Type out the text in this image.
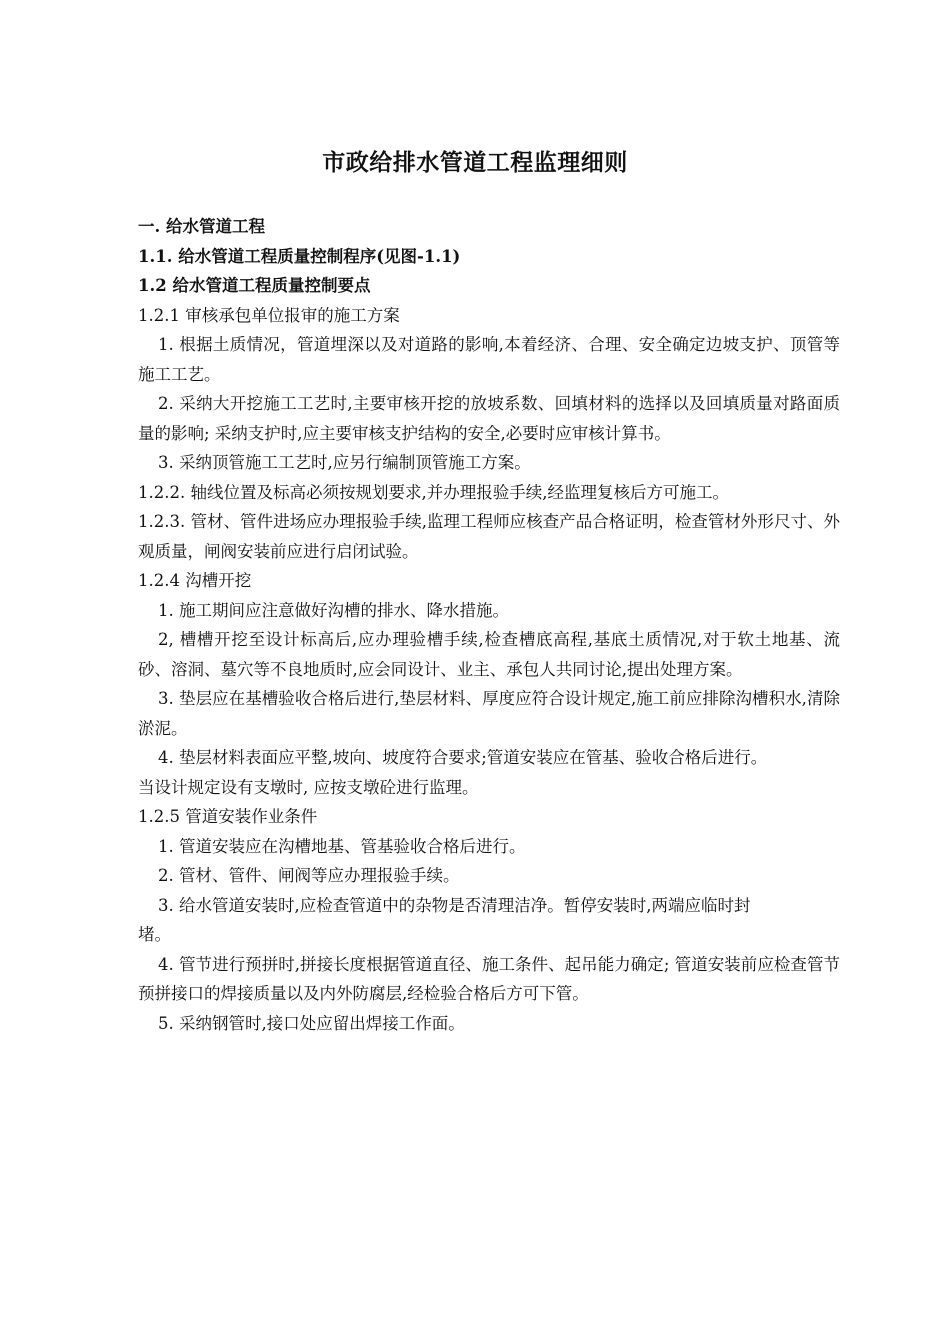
市政给排水管道工程监理细则
一. 给水管道工程
1.1. 给水管道工程质量控制程序(见图-1.1)
1.2 给水管道工程质量控制要点
1.2.1 审核承包单位报审的施工方案
1. 根据土质情况，管道埋深以及对道路的影响,本着经济、合理、安全确定边坡支护、顶管等施工工艺。
2. 采纳大开挖施工工艺时,主要审核开挖的放坡系数、回填材料的选择以及回填质量对路面质量的影响; 采纳支护时,应主要审核支护结构的安全,必要时应审核计算书。
3. 采纳顶管施工工艺时,应另行编制顶管施工方案。
1.2.2. 轴线位置及标高必须按规划要求,并办理报验手续,经监理复核后方可施工。
1.2.3. 管材、管件进场应办理报验手续,监理工程师应核查产品合格证明，检查管材外形尺寸、外观质量，闸阀安装前应进行启闭试验。
1.2.4 沟槽开挖
1. 施工期间应注意做好沟槽的排水、降水措施。
2, 槽槽开挖至设计标高后,应办理验槽手续,检查槽底高程,基底土质情况,对于软土地基、流砂、溶洞、墓穴等不良地质时,应会同设计、业主、承包人共同讨论,提出处理方案。
3. 垫层应在基槽验收合格后进行,垫层材料、厚度应符合设计规定,施工前应排除沟槽积水,清除淤泥。
4. 垫层材料表面应平整,坡向、坡度符合要求;管道安装应在管基、验收合格后进行。
当设计规定设有支墩时, 应按支墩砼进行监理。
1.2.5 管道安装作业条件
1. 管道安装应在沟槽地基、管基验收合格后进行。
2. 管材、管件、闸阀等应办理报验手续。
3. 给水管道安装时,应检查管道中的杂物是否清理洁净。暂停安装时,两端应临时封
堵。
4. 管节进行预拼时,拼接长度根据管道直径、施工条件、起吊能力确定; 管道安装前应检查管节预拼接口的焊接质量以及内外防腐层,经检验合格后方可下管。
5. 采纳钢管时,接口处应留出焊接工作面。
